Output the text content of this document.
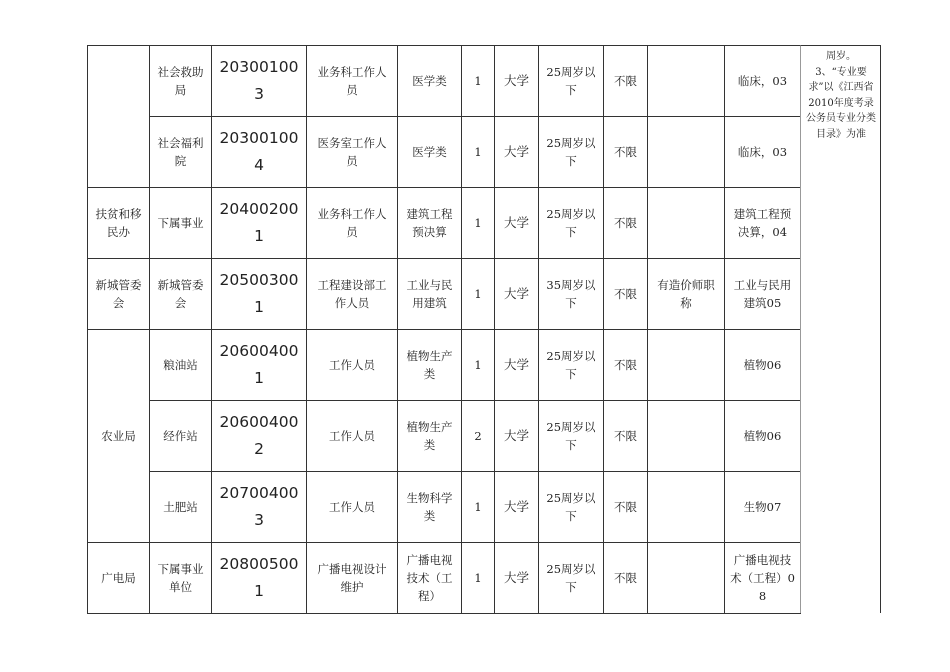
	社会救助局	203001003	业务科工作人员	医学类	1	大学	25周岁以下	不限		临床，03
	社会福利院	203001004	医务室工作人员	医学类	1	大学	25周岁以下	不限		临床，03
扶贫和移民办	下属事业	204002001	业务科工作人员	建筑工程预决算	1	大学	25周岁以下	不限		建筑工程预决算，04
新城管委会	新城管委会	205003001	工程建设部工作人员	工业与民用建筑	1	大学	35周岁以下	不限	有造价师职称	工业与民用建筑05
农业局	粮油站	206004001	工作人员	植物生产类	1	大学	25周岁以下	不限		植物06
	经作站	206004002	工作人员	植物生产类	2	大学	25周岁以下	不限		植物06
	土肥站	207004003	工作人员	生物科学类	1	大学	25周岁以下	不限		生物07
广电局	下属事业单位	208005001	广播电视设计维护	广播电视技术（工程）	1	大学	25周岁以下	不限		广播电视技术（工程）08
周岁。
3、“专业要求”以《江西省2010年度考录公务员专业分类目录》为准
